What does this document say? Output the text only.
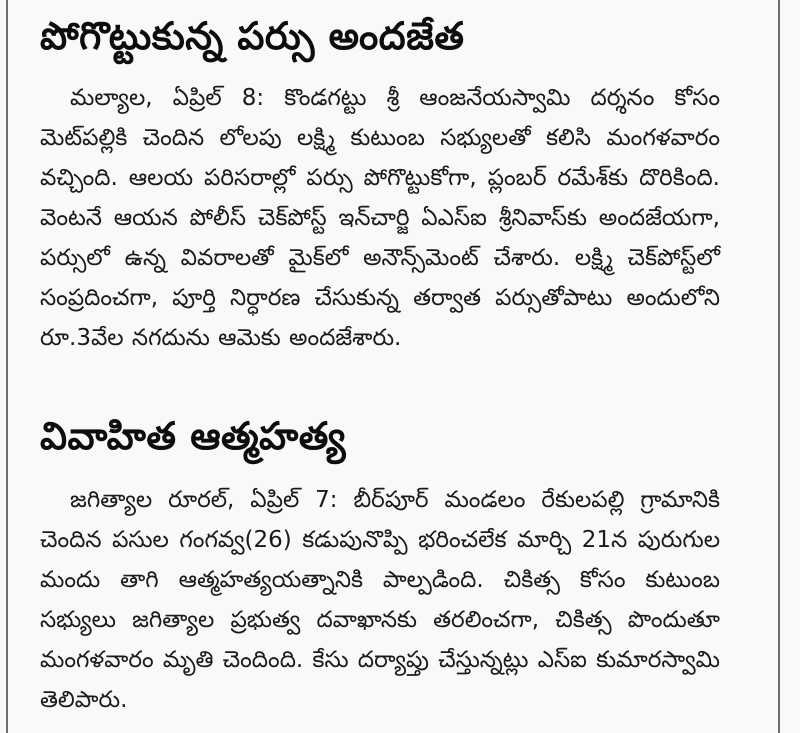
పోగొట్టుకున్న పర్సు అందజేత

మల్యాల, ఏప్రిల్ 8: కొండగట్టు శ్రీ ఆంజనేయస్వామి దర్శనం కోసం మెట్‌పల్లికి చెందిన లోలపు లక్ష్మి కుటుంబ సభ్యులతో కలిసి మంగళవారం వచ్చింది. ఆలయ పరిసరాల్లో పర్సు పోగొట్టుకోగా, ప్లంబర్ రమేశ్‌కు దొరికింది. వెంటనే ఆయన పోలీస్ చెక్‌పోస్ట్ ఇన్‌చార్జి ఏఎస్ఐ శ్రీనివాస్‌కు అందజేయగా, పర్సులో ఉన్న వివరాలతో మైక్‌లో అనౌన్స్‌మెంట్ చేశారు. లక్ష్మి చెక్‌పోస్ట్‌లో సంప్రదించగా, పూర్తి నిర్ధారణ చేసుకున్న తర్వాత పర్సుతోపాటు అందులోని రూ.3వేల నగదును ఆమెకు అందజేశారు.

వివాహిత ఆత్మహత్య

జగిత్యాల రూరల్, ఏప్రిల్ 7: బీర్‌పూర్ మండలం రేకులపల్లి గ్రామానికి చెందిన పసుల గంగవ్వ(26) కడుపునొప్పి భరించలేక మార్చి 21న పురుగుల మందు తాగి ఆత్మహత్యయత్నానికి పాల్పడింది. చికిత్స కోసం కుటుంబ సభ్యులు జగిత్యాల ప్రభుత్వ దవాఖానకు తరలించగా, చికిత్స పొందుతూ మంగళవారం మృతి చెందింది. కేసు దర్యాప్తు చేస్తున్నట్లు ఎస్ఐ కుమారస్వామి తెలిపారు.
